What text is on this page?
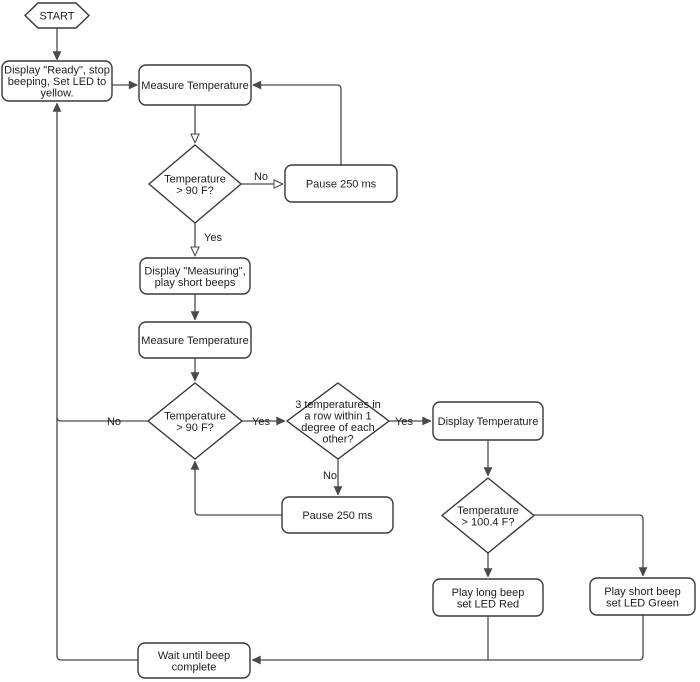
START
Display "Ready", stop beeping, Set LED to yellow.
Measure Temperature
Temperature > 90 F?
Pause 250 ms
Display "Measuring", play short beeps
Measure Temperature
Temperature > 90 F?
3 temperatures in a row within 1 degree of each other?
Pause 250 ms
Display Temperature
Temperature > 100.4 F?
Play long beep set LED Red
Play short beep set LED Green
Wait until beep complete
No
Yes
No	Yes	Yes
No
